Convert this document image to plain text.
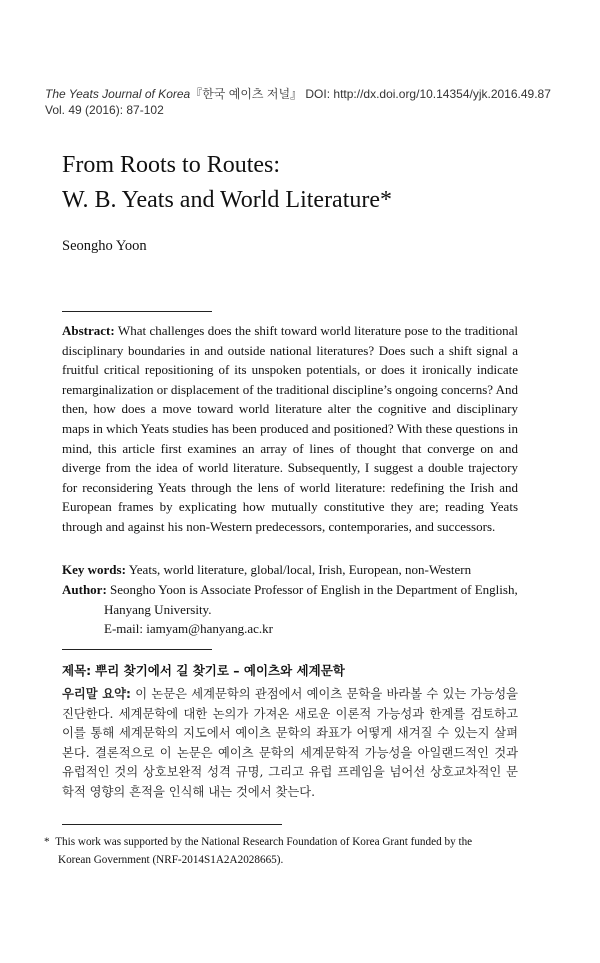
The Yeats Journal of Korea『한국 예이츠 저널』 DOI: http://dx.doi.org/10.14354/yjk.2016.49.87
Vol. 49 (2016): 87-102
From Roots to Routes:
W. B. Yeats and World Literature*
Seongho Yoon
Abstract: What challenges does the shift toward world literature pose to the traditional disciplinary boundaries in and outside national literatures? Does such a shift signal a fruitful critical repositioning of its unspoken potentials, or does it ironically indicate remarginalization or displacement of the traditional discipline’s ongoing concerns? And then, how does a move toward world literature alter the cognitive and disciplinary maps in which Yeats studies has been produced and positioned? With these questions in mind, this article first examines an array of lines of thought that converge on and diverge from the idea of world literature. Subsequently, I suggest a double trajectory for reconsidering Yeats through the lens of world literature: redefining the Irish and European frames by explicating how mutually constitutive they are; reading Yeats through and against his non-Western predecessors, contemporaries, and successors.
Key words: Yeats, world literature, global/local, Irish, European, non-Western
Author: Seongho Yoon is Associate Professor of English in the Department of English,
Hanyang University.
E-mail: iamyam@hanyang.ac.kr
제목: 뿌리 찾기에서 길 찾기로 – 예이츠와 세계문학
우리말 요약: 이 논문은 세계문학의 관점에서 예이츠 문학을 바라볼 수 있는 가능성을 진단한다. 세계문학에 대한 논의가 가져온 새로운 이론적 가능성과 한계를 검토하고 이를 통해 세계문학의 지도에서 예이츠 문학의 좌표가 어떻게 새겨질 수 있는지 살펴본다. 결론적으로 이 논문은 예이츠 문학의 세계문학적 가능성을 아일랜드적인 것과 유럽적인 것의 상호보완적 성격 규명, 그리고 유럽 프레임을 넘어선 상호교차적인 문학적 영향의 흔적을 인식해 내는 것에서 찾는다.
* This work was supported by the National Research Foundation of Korea Grant funded by the
Korean Government (NRF-2014S1A2A2028665).
